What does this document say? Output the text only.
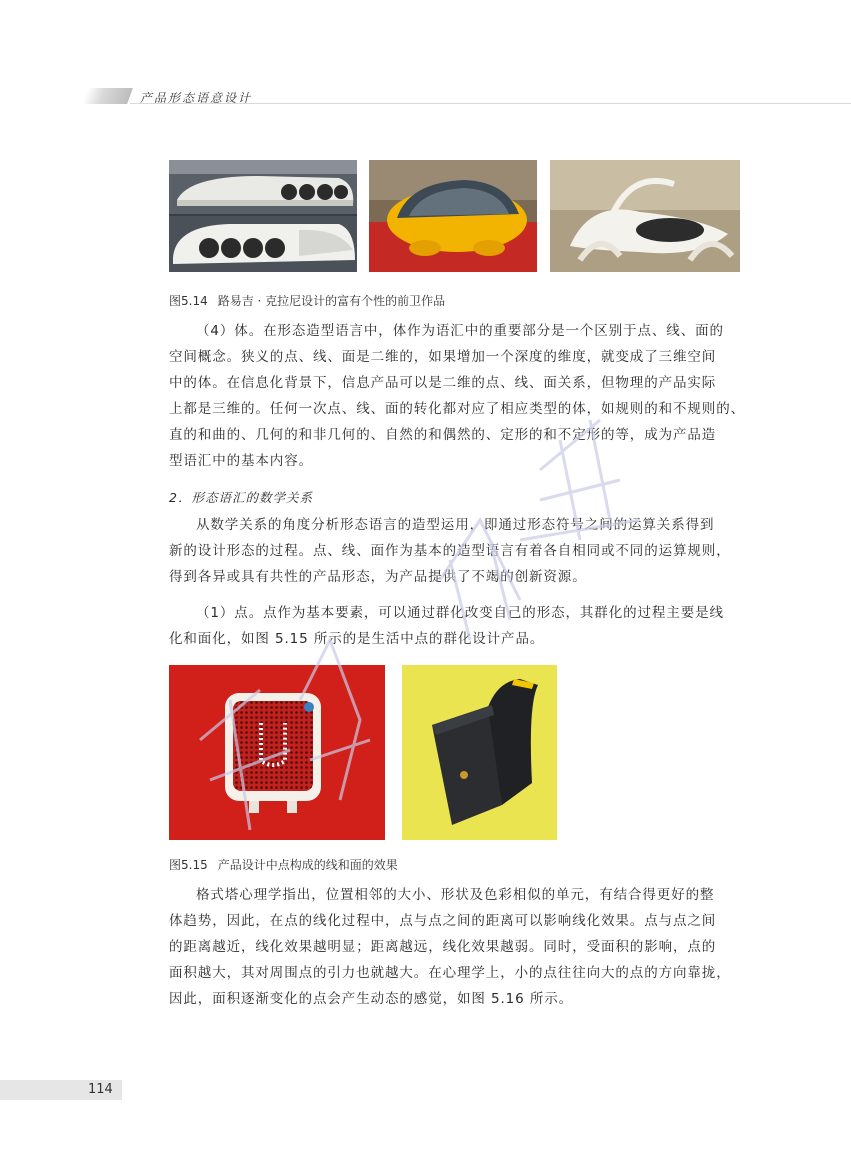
产品形态语意设计
图5.14 路易吉 · 克拉尼设计的富有个性的前卫作品
（4）体。在形态造型语言中，体作为语汇中的重要部分是一个区别于点、线、面的
空间概念。狭义的点、线、面是二维的，如果增加一个深度的维度，就变成了三维空间
中的体。在信息化背景下，信息产品可以是二维的点、线、面关系，但物理的产品实际
上都是三维的。任何一次点、线、面的转化都对应了相应类型的体，如规则的和不规则的、
直的和曲的、几何的和非几何的、自然的和偶然的、定形的和不定形的等，成为产品造
型语汇中的基本内容。
2．形态语汇的数学关系
从数学关系的角度分析形态语言的造型运用，即通过形态符号之间的运算关系得到
新的设计形态的过程。点、线、面作为基本的造型语言有着各自相同或不同的运算规则，
得到各异或具有共性的产品形态，为产品提供了不竭的创新资源。
（1）点。点作为基本要素，可以通过群化改变自己的形态，其群化的过程主要是线
化和面化，如图 5.15 所示的是生活中点的群化设计产品。
图5.15 产品设计中点构成的线和面的效果
格式塔心理学指出，位置相邻的大小、形状及色彩相似的单元，有结合得更好的整
体趋势，因此，在点的线化过程中，点与点之间的距离可以影响线化效果。点与点之间
的距离越近，线化效果越明显；距离越远，线化效果越弱。同时，受面积的影响，点的
面积越大，其对周围点的引力也就越大。在心理学上，小的点往往向大的点的方向靠拢，
因此，面积逐渐变化的点会产生动态的感觉，如图 5.16 所示。
114
